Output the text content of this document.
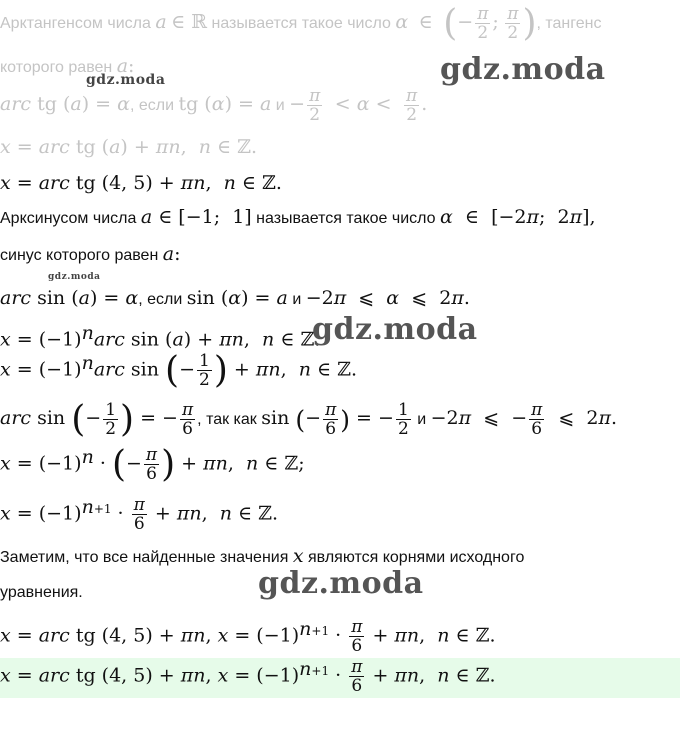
Арктангенсом числа a ∈ ℝ называется такое число α  ∈  (− $\frac{\pi}{2}$ ; $\frac{\pi}{2}$ ), тангенс
которого равен a:
arc tg (a) = α, если tg (α) = a $и - \frac{\pi}{2} < \alpha < \frac{\pi}{2}$ .
x = arc tg (a) + πn,  n ∈ ℤ.
x = arc tg (4, 5) + πn,  n ∈ ℤ.
Арксинусом числа a ∈ [−1;  1] называется такое число α  ∈  [−2π;  2π],
синус которого равен a:
arc sin (a) = α, если sin (α) = a и −2π  ⩽  α  ⩽  2π.
$x = (-1)^narc$ sin (a) + πn,  n ∈ ℤ.
$x = (-1)^narc$ sin (− $\frac{1}{2}$ ) + πn,  n ∈ ℤ.
arc sin (− $\frac{1}{2}$ ) = − $\frac{\pi}{6}$ , так как sin (− $\frac{\pi}{6}$ ) = − $\frac{1}{2}$ и −2π  ⩽  − $\frac{\pi}{6}$ ⩽  2π.
$x = (-1)^n$ · (− $\frac{\pi}{6}$ ) + πn,  n ∈ ℤ;
$x = (-1)^{n+1} \cdot \frac{\pi}{6} + \pi n$,  n ∈ ℤ.
Заметим, что все найденные значения x являются корнями исходного
уравнения.
x = arc tg (4, 5) + πn, $x = (-1)^{n+1} \cdot \frac{\pi}{6} + \pi n$,  n ∈ ℤ.
x = arc tg (4, 5) + πn, $x = (-1)^{n+1} \cdot \frac{\pi}{6} + \pi n$,  n ∈ ℤ.
gdz.moda
gdz.moda
gdz.moda
gdz.moda
gdz.moda
